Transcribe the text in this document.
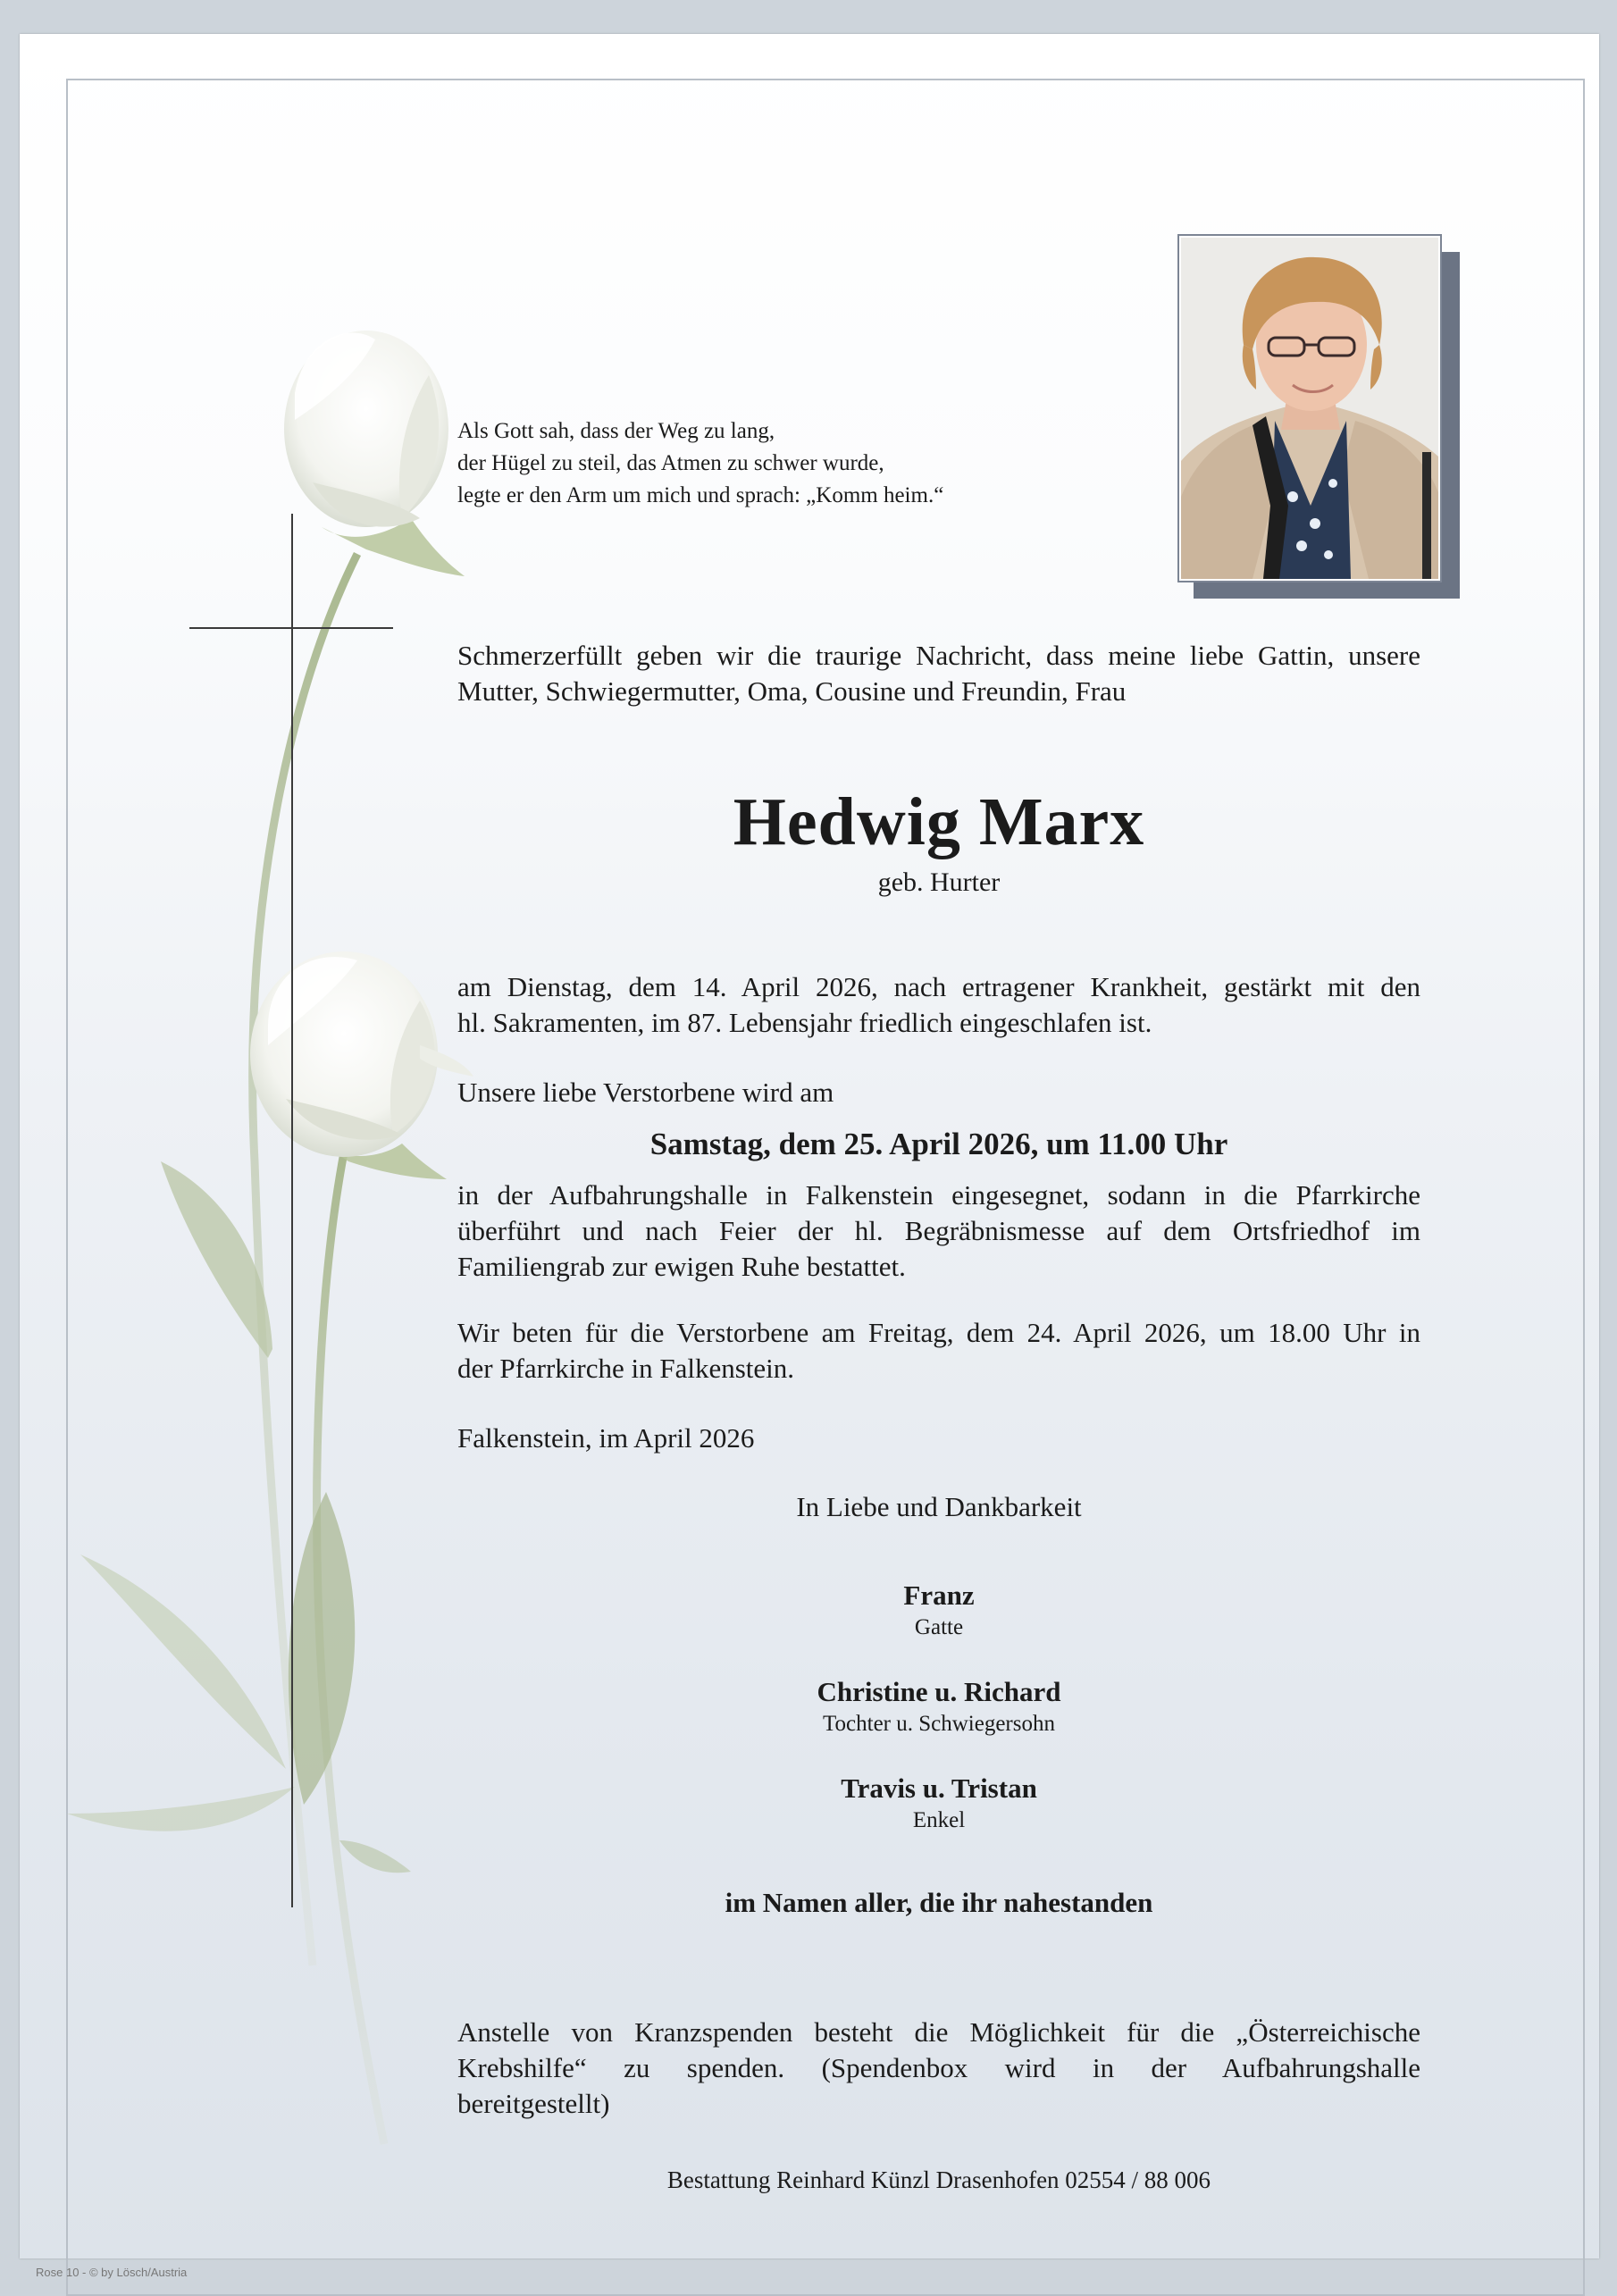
Als Gott sah, dass der Weg zu lang,
der Hügel zu steil, das Atmen zu schwer wurde,
legte er den Arm um mich und sprach: „Komm heim.“
Schmerzerfüllt geben wir die traurige Nachricht, dass meine liebe Gattin, unsere
Mutter, Schwiegermutter, Oma, Cousine und Freundin, Frau
Hedwig Marx
geb. Hurter
am Dienstag, dem 14. April 2026, nach ertragener Krankheit, gestärkt mit den
hl. Sakramenten, im 87. Lebensjahr friedlich eingeschlafen ist.
Unsere liebe Verstorbene wird am
Samstag, dem 25. April 2026, um 11.00 Uhr
in der Aufbahrungshalle in Falkenstein eingesegnet, sodann in die Pfarrkirche
überführt und nach Feier der hl. Begräbnismesse auf dem Ortsfriedhof im
Familiengrab zur ewigen Ruhe bestattet.
Wir beten für die Verstorbene am Freitag, dem 24. April 2026, um 18.00 Uhr in
der Pfarrkirche in Falkenstein.
Falkenstein, im April 2026
In Liebe und Dankbarkeit
Franz
Gatte
Christine u. Richard
Tochter u. Schwiegersohn
Travis u. Tristan
Enkel
im Namen aller, die ihr nahestanden
Anstelle von Kranzspenden besteht die Möglichkeit für die „Österreichische
Krebshilfe“ zu spenden. (Spendenbox wird in der Aufbahrungshalle
bereitgestellt)
Bestattung Reinhard Künzl Drasenhofen 02554 / 88 006
Rose 10 - © by Lösch/Austria
